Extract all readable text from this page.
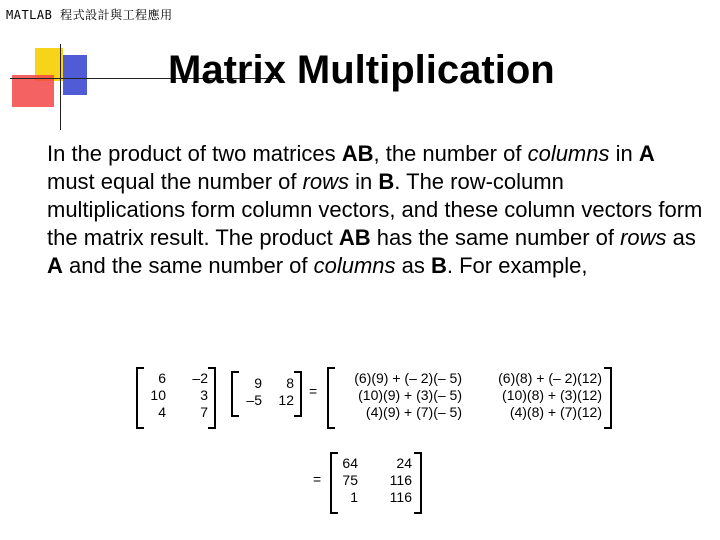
MATLAB 程式設計與工程應用
Matrix Multiplication
In the product of two matrices AB, the number of columns in A must equal the number of rows in B. The row-column multiplications form column vectors, and these column vectors form the matrix result. The product AB has the same number of rows as A and the same number of columns as B. For example,
6
10
4
–2
3
7
9
–5
8
12
=
(6)(9) + (– 2)(– 5)
(10)(9) + (3)(– 5)
(4)(9) + (7)(– 5)
(6)(8) + (– 2)(12)
(10)(8) + (3)(12)
(4)(8) + (7)(12)
=
64
75
1
24
116
116
